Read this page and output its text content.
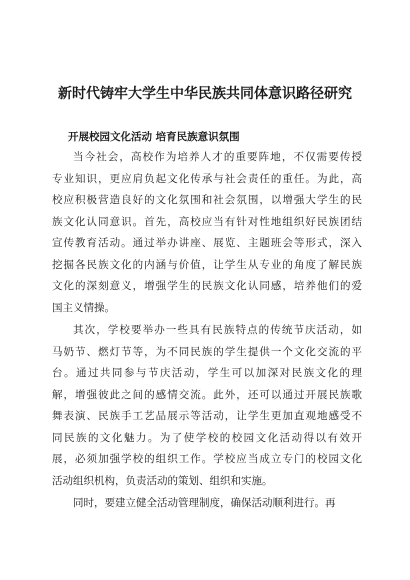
新时代铸牢大学生中华民族共同体意识路径研究
开展校园文化活动 培育民族意识氛围

当今社会，高校作为培养人才的重要阵地，不仅需要传授
专业知识，更应肩负起文化传承与社会责任的重任。为此，高
校应积极营造良好的文化氛围和社会氛围，以增强大学生的民
族文化认同意识。首先，高校应当有针对性地组织好民族团结
宣传教育活动。通过举办讲座、展览、主题班会等形式，深入
挖掘各民族文化的内涵与价值，让学生从专业的角度了解民族
文化的深刻意义，增强学生的民族文化认同感，培养他们的爱
国主义情操。

其次，学校要举办一些具有民族特点的传统节庆活动，如
马奶节、燃灯节等，为不同民族的学生提供一个文化交流的平
台。通过共同参与节庆活动，学生可以加深对民族文化的理
解，增强彼此之间的感情交流。此外，还可以通过开展民族歌
舞表演、民族手工艺品展示等活动，让学生更加直观地感受不
同民族的文化魅力。为了使学校的校园文化活动得以有效开
展，必须加强学校的组织工作。学校应当成立专门的校园文化
活动组织机构，负责活动的策划、组织和实施。

同时，要建立健全活动管理制度，确保活动顺利进行。再
